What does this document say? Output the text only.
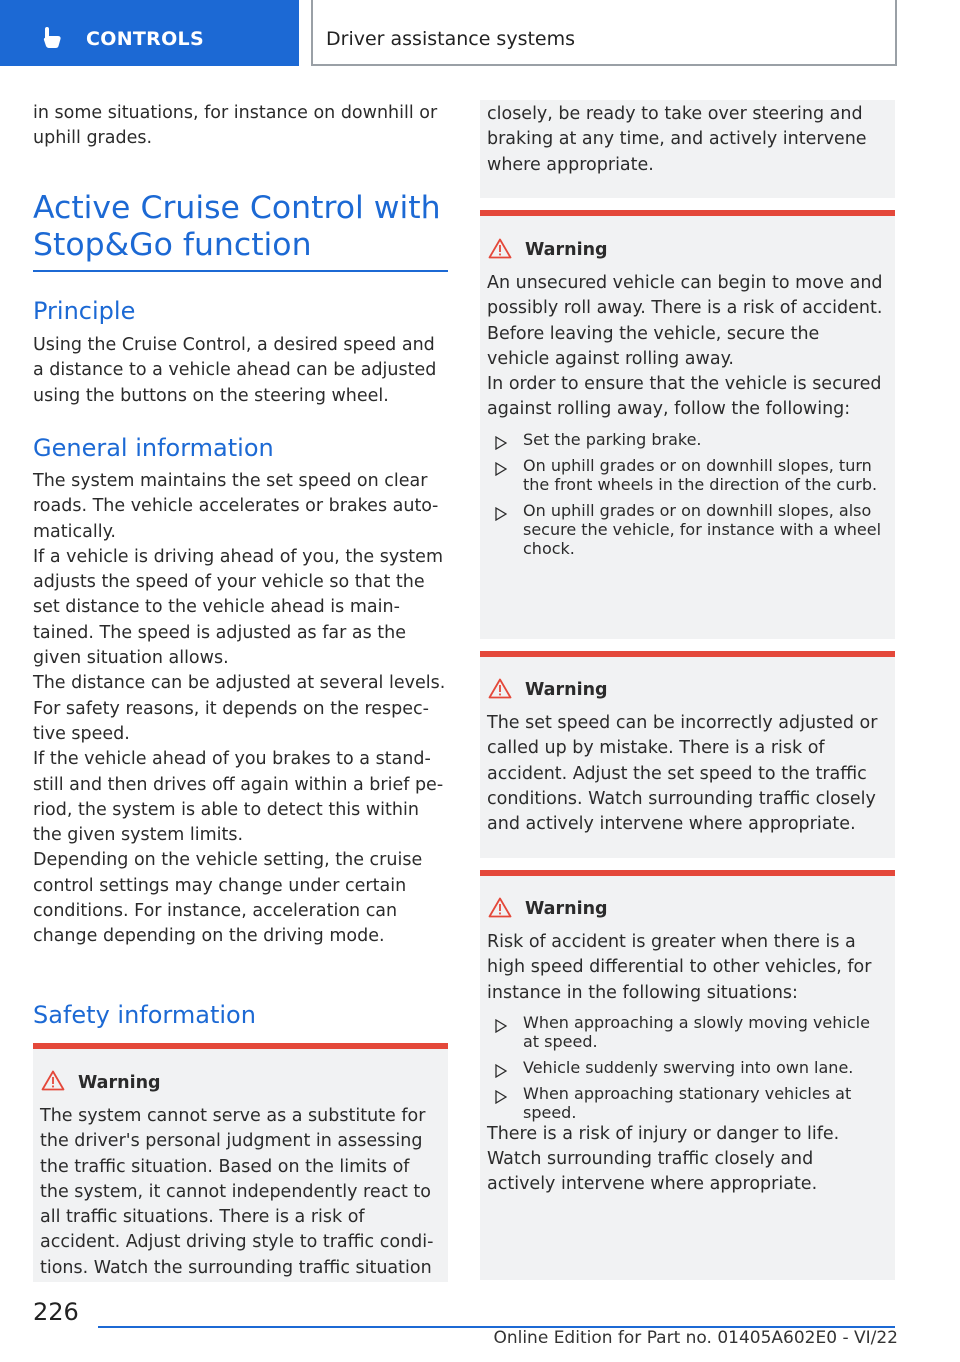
CONTROLS	Driver assistance systems

in some situations, for instance on downhill or uphill grades.

Active Cruise Control with
Stop&Go function
Principle

Using the Cruise Control, a desired speed and a distance to a vehicle ahead can be adjusted using the buttons on the steering wheel.

General information

The system maintains the set speed on clear roads. The vehicle accelerates or brakes automatically.

If a vehicle is driving ahead of you, the system adjusts the speed of your vehicle so that the set distance to the vehicle ahead is maintained. The speed is adjusted as far as the given situation allows.

The distance can be adjusted at several levels. For safety reasons, it depends on the respective speed.

If the vehicle ahead of you brakes to a standstill and then drives off again within a brief period, the system is able to detect this within the given system limits.

Depending on the vehicle setting, the cruise control settings may change under certain conditions. For instance, acceleration can change depending on the driving mode.

Safety information
Warning

The system cannot serve as a substitute for the driver's personal judgment in assessing the traffic situation. Based on the limits of the system, it cannot independently react to all traffic situations. There is a risk of accident. Adjust driving style to traffic conditions. Watch the surrounding traffic situation

closely, be ready to take over steering and braking at any time, and actively intervene where appropriate.

Warning

An unsecured vehicle can begin to move and possibly roll away. There is a risk of accident. Before leaving the vehicle, secure the vehicle against rolling away.

In order to ensure that the vehicle is secured against rolling away, follow the following:

Set the parking brake.
On uphill grades or on downhill slopes, turn the front wheels in the direction of the curb.
On uphill grades or on downhill slopes, also secure the vehicle, for instance with a wheel chock.
Warning

The set speed can be incorrectly adjusted or called up by mistake. There is a risk of accident. Adjust the set speed to the traffic conditions. Watch surrounding traffic closely and actively intervene where appropriate.

Warning

Risk of accident is greater when there is a high speed differential to other vehicles, for instance in the following situations:

When approaching a slowly moving vehicle at speed.
Vehicle suddenly swerving into own lane.
When approaching stationary vehicles at speed.

There is a risk of injury or danger to life. Watch surrounding traffic closely and actively intervene where appropriate.

226
Online Edition for Part no. 01405A602E0 - VI/22
